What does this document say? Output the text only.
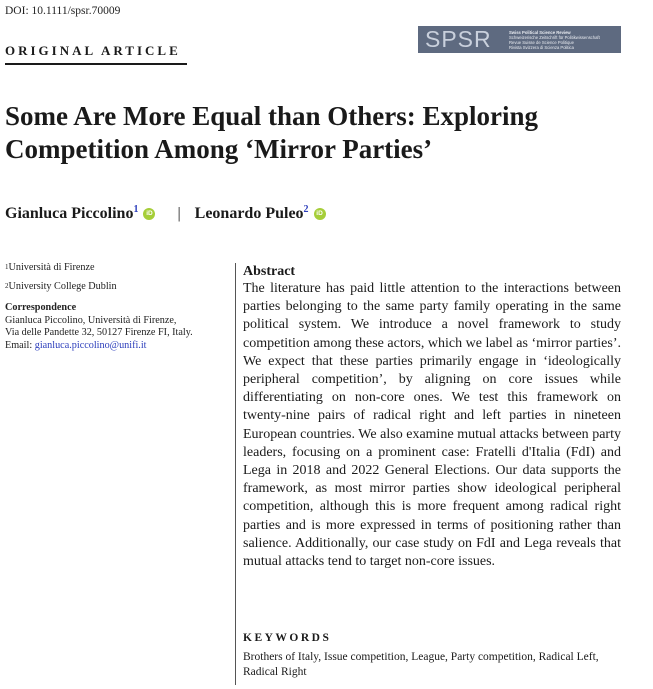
DOI: 10.1111/spsr.70009
ORIGINAL ARTICLE	SPSR	Swiss Political Science Review
Schweizerische Zeitschrift für Politikwissenschaft
Revue Suisse de Science Politique
Rivista Svizzera di Scienza Politica
Some Are More Equal than Others: Exploring Competition Among ‘Mirror Parties’
Gianluca Piccolino$^1$	iD | Leonardo Puleo$^2$	iD
$^1$Università di Firenze
$^2$University College Dublin
Correspondence
Gianluca Piccolino, Università di Firenze,
Via delle Pandette 32, 50127 Firenze FI, Italy.
Email: gianluca.piccolino@unifi.it
Abstract

The literature has paid little attention to the interactions between parties belonging to the same party family operating in the same political system. We introduce a novel framework to study competition among these actors, which we label as ‘mirror parties’. We expect that these parties primarily engage in ‘ideologically peripheral competition’, by aligning on core issues while differentiating on non-core ones. We test this framework on twenty-nine pairs of radical right and left parties in nineteen European countries. We also examine mutual attacks between party leaders, focusing on a prominent case: Fratelli d'Italia (FdI) and Lega in 2018 and 2022 General Elections. Our data supports the framework, as most mirror parties show ideological peripheral competition, although this is more frequent among radical right parties and is more expressed in terms of positioning rather than salience. Additionally, our case study on FdI and Lega reveals that mutual attacks tend to target non-core issues.

KEYWORDS
Brothers of Italy, Issue competition, League, Party competition, Radical Left, Radical Right
